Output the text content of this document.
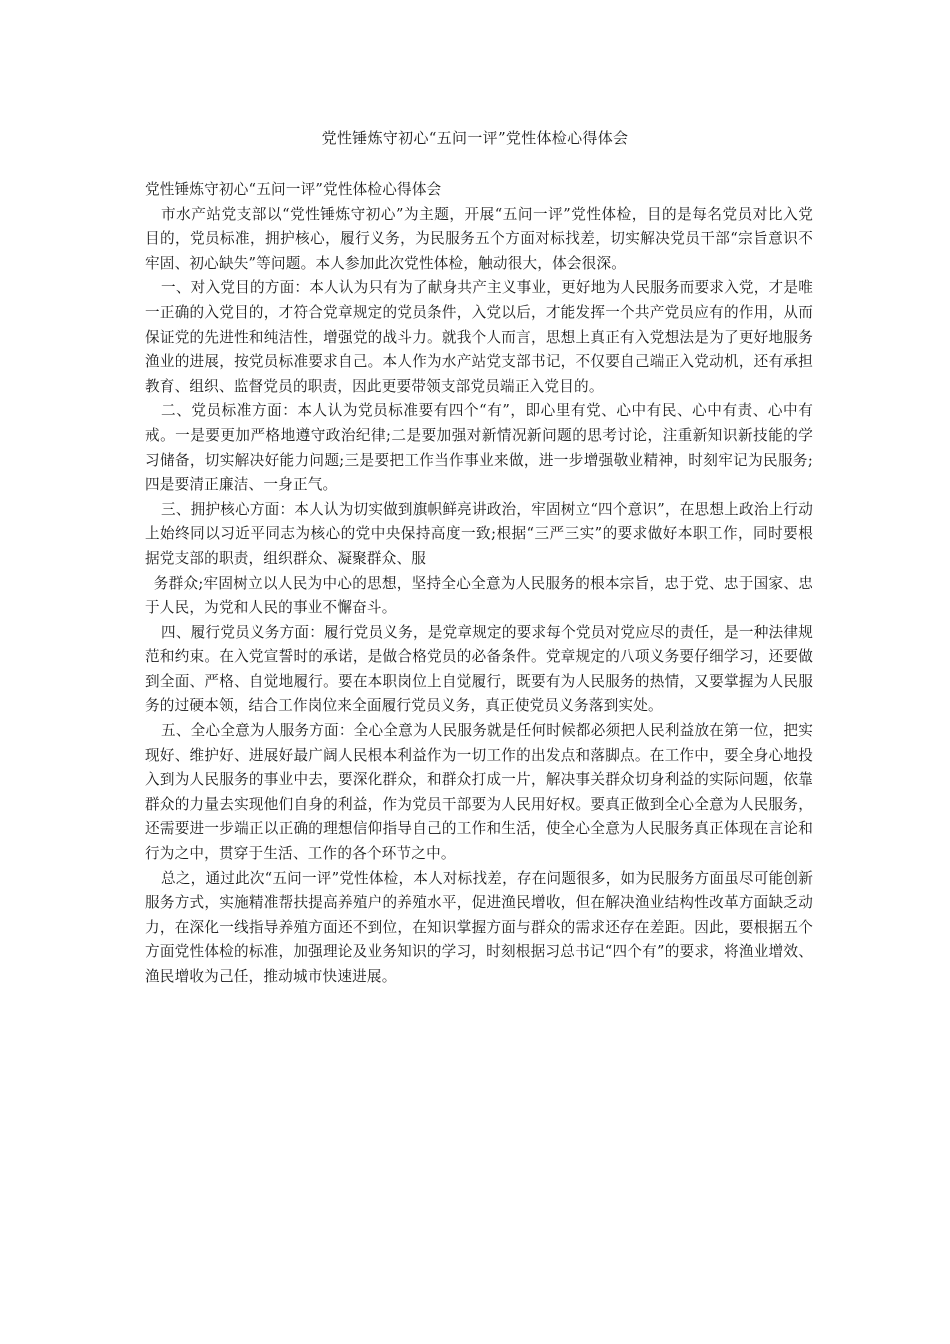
党性锤炼守初心“五问一评”党性体检心得体会

党性锤炼守初心“五问一评”党性体检心得体会

市水产站党支部以“党性锤炼守初心”为主题，开展“五问一评”党性体检，目的是每名党员对比入党目的，党员标准，拥护核心，履行义务，为民服务五个方面对标找差，切实解决党员干部“宗旨意识不牢固、初心缺失”等问题。本人参加此次党性体检，触动很大，体会很深。

一、对入党目的方面：本人认为只有为了献身共产主义事业，更好地为人民服务而要求入党，才是唯一正确的入党目的，才符合党章规定的党员条件，入党以后，才能发挥一个共产党员应有的作用，从而保证党的先进性和纯洁性，增强党的战斗力。就我个人而言，思想上真正有入党想法是为了更好地服务渔业的进展，按党员标准要求自己。本人作为水产站党支部书记，不仅要自己端正入党动机，还有承担教育、组织、监督党员的职责，因此更要带领支部党员端正入党目的。

二、党员标准方面：本人认为党员标准要有四个“有”，即心里有党、心中有民、心中有责、心中有戒。一是要更加严格地遵守政治纪律;二是要加强对新情况新问题的思考讨论，注重新知识新技能的学习储备，切实解决好能力问题;三是要把工作当作事业来做，进一步增强敬业精神，时刻牢记为民服务;四是要清正廉洁、一身正气。

三、拥护核心方面：本人认为切实做到旗帜鲜亮讲政治，牢固树立“四个意识”，在思想上政治上行动上始终同以习近平同志为核心的党中央保持高度一致;根据“三严三实”的要求做好本职工作，同时要根据党支部的职责，组织群众、凝聚群众、服

务群众;牢固树立以人民为中心的思想，坚持全心全意为人民服务的根本宗旨，忠于党、忠于国家、忠于人民，为党和人民的事业不懈奋斗。

四、履行党员义务方面：履行党员义务，是党章规定的要求每个党员对党应尽的责任，是一种法律规范和约束。在入党宣誓时的承诺，是做合格党员的必备条件。党章规定的八项义务要仔细学习，还要做到全面、严格、自觉地履行。要在本职岗位上自觉履行，既要有为人民服务的热情，又要掌握为人民服务的过硬本领，结合工作岗位来全面履行党员义务，真正使党员义务落到实处。

五、全心全意为人服务方面：全心全意为人民服务就是任何时候都必须把人民利益放在第一位，把实现好、维护好、进展好最广阔人民根本利益作为一切工作的出发点和落脚点。在工作中，要全身心地投入到为人民服务的事业中去，要深化群众，和群众打成一片，解决事关群众切身利益的实际问题，依靠群众的力量去实现他们自身的利益，作为党员干部要为人民用好权。要真正做到全心全意为人民服务，还需要进一步端正以正确的理想信仰指导自己的工作和生活，使全心全意为人民服务真正体现在言论和行为之中，贯穿于生活、工作的各个环节之中。

总之，通过此次“五问一评”党性体检，本人对标找差，存在问题很多，如为民服务方面虽尽可能创新服务方式，实施精准帮扶提高养殖户的养殖水平，促进渔民增收，但在解决渔业结构性改革方面缺乏动力，在深化一线指导养殖方面还不到位，在知识掌握方面与群众的需求还存在差距。因此，要根据五个方面党性体检的标准，加强理论及业务知识的学习，时刻根据习总书记“四个有”的要求，将渔业增效、渔民增收为己任，推动城市快速进展。
